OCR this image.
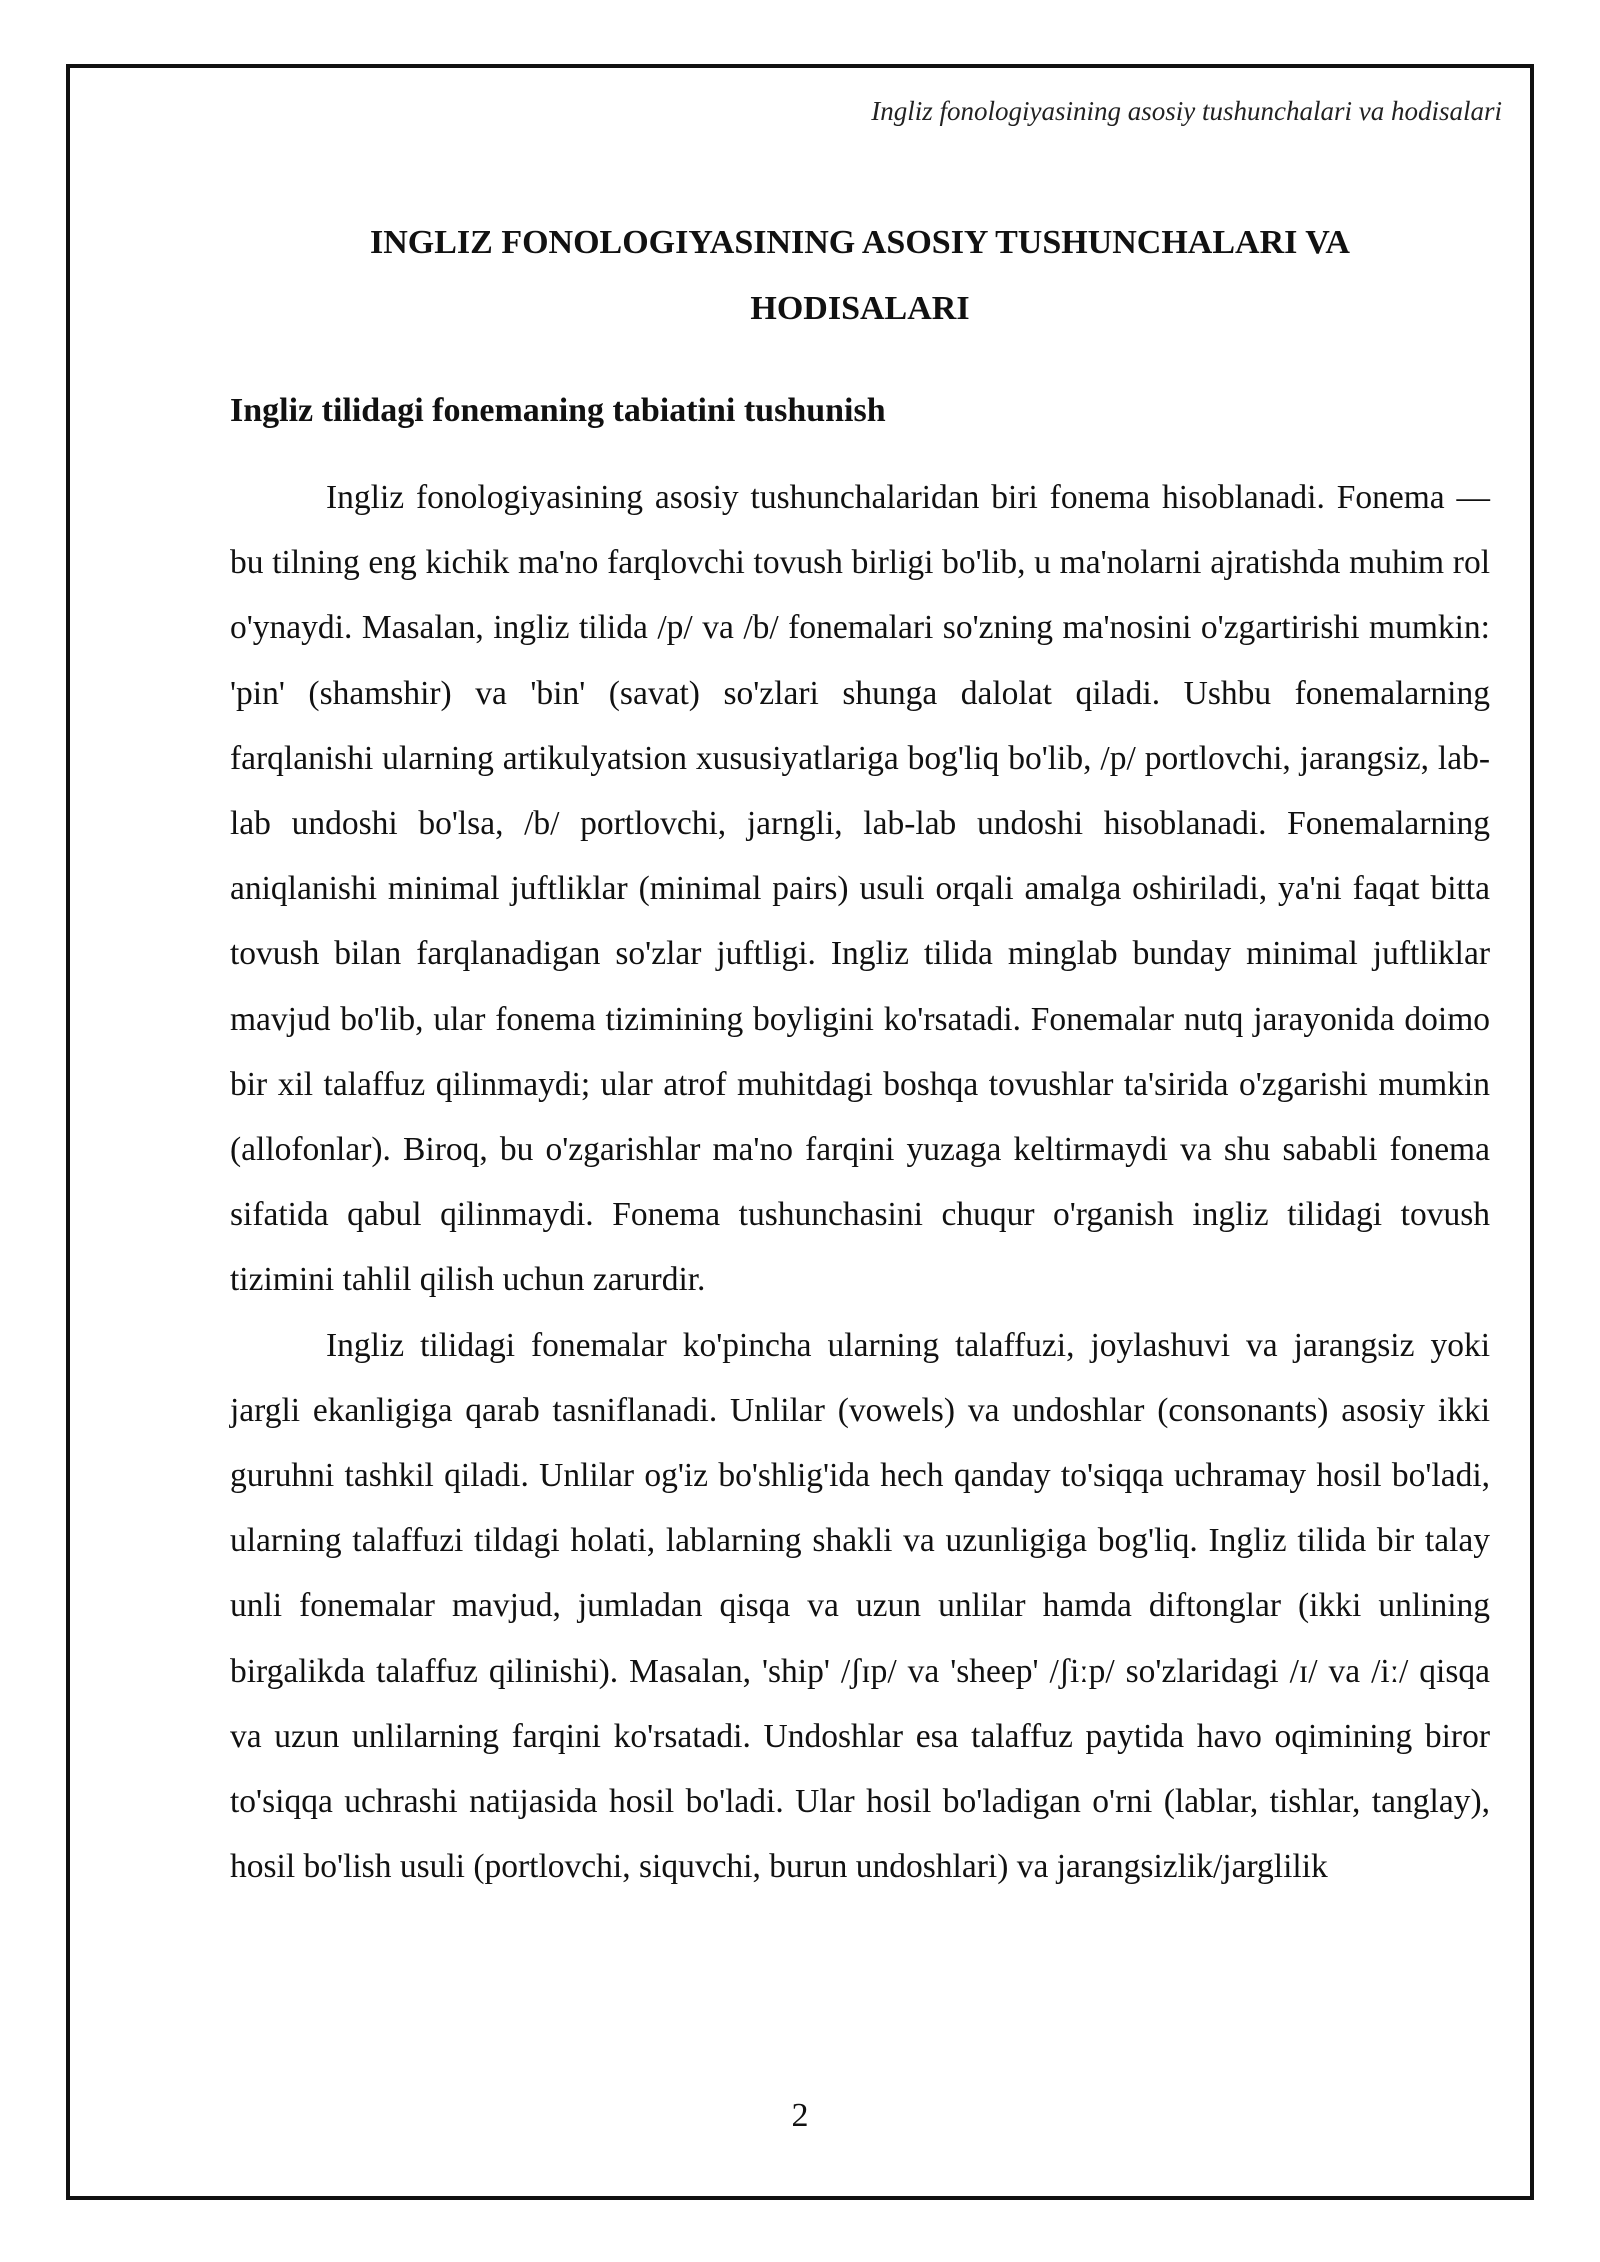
Ingliz fonologiyasining asosiy tushunchalari va hodisalari
INGLIZ FONOLOGIYASINING ASOSIY TUSHUNCHALARI VA
HODISALARI
Ingliz tilidagi fonemaning tabiatini tushunish

Ingliz fonologiyasining asosiy tushunchalaridan biri fonema hisoblanadi. Fonema — bu tilning eng kichik ma'no farqlovchi tovush birligi bo'lib, u ma'nolarni ajratishda muhim rol o'ynaydi. Masalan, ingliz tilida /p/ va /b/ fonemalari so'zning ma'nosini o'zgartirishi mumkin: 'pin' (shamshir) va 'bin' (savat) so'zlari shunga dalolat qiladi. Ushbu fonemalarning farqlanishi ularning artikulyatsion xususiyatlariga bog'liq bo'lib, /p/ portlovchi, jarangsiz, lab-lab undoshi bo'lsa, /b/ portlovchi, jarngli, lab-lab undoshi hisoblanadi. Fonemalarning aniqlanishi minimal juftliklar (minimal pairs) usuli orqali amalga oshiriladi, ya'ni faqat bitta tovush bilan farqlanadigan so'zlar juftligi. Ingliz tilida minglab bunday minimal juftliklar mavjud bo'lib, ular fonema tizimining boyligini ko'rsatadi. Fonemalar nutq jarayonida doimo bir xil talaffuz qilinmaydi; ular atrof muhitdagi boshqa tovushlar ta'sirida o'zgarishi mumkin (allofonlar). Biroq, bu o'zgarishlar ma'no farqini yuzaga keltirmaydi va shu sababli fonema sifatida qabul qilinmaydi. Fonema tushunchasini chuqur o'rganish ingliz tilidagi tovush tizimini tahlil qilish uchun zarurdir.

Ingliz tilidagi fonemalar ko'pincha ularning talaffuzi, joylashuvi va jarangsiz yoki jargli ekanligiga qarab tasniflanadi. Unlilar (vowels) va undoshlar (consonants) asosiy ikki guruhni tashkil qiladi. Unlilar og'iz bo'shlig'ida hech qanday to'siqqa uchramay hosil bo'ladi, ularning talaffuzi tildagi holati, lablarning shakli va uzunligiga bog'liq. Ingliz tilida bir talay unli fonemalar mavjud, jumladan qisqa va uzun unlilar hamda diftonglar (ikki unlining birgalikda talaffuz qilinishi). Masalan, 'ship' /ʃɪp/ va 'sheep' /ʃiːp/ so'zlaridagi /ɪ/ va /iː/ qisqa va uzun unlilarning farqini ko'rsatadi. Undoshlar esa talaffuz paytida havo oqimining biror to'siqqa uchrashi natijasida hosil bo'ladi. Ular hosil bo'ladigan o'rni (lablar, tishlar, tanglay), hosil bo'lish usuli (portlovchi, siquvchi, burun undoshlari) va jarangsizlik/jarglilik

2
